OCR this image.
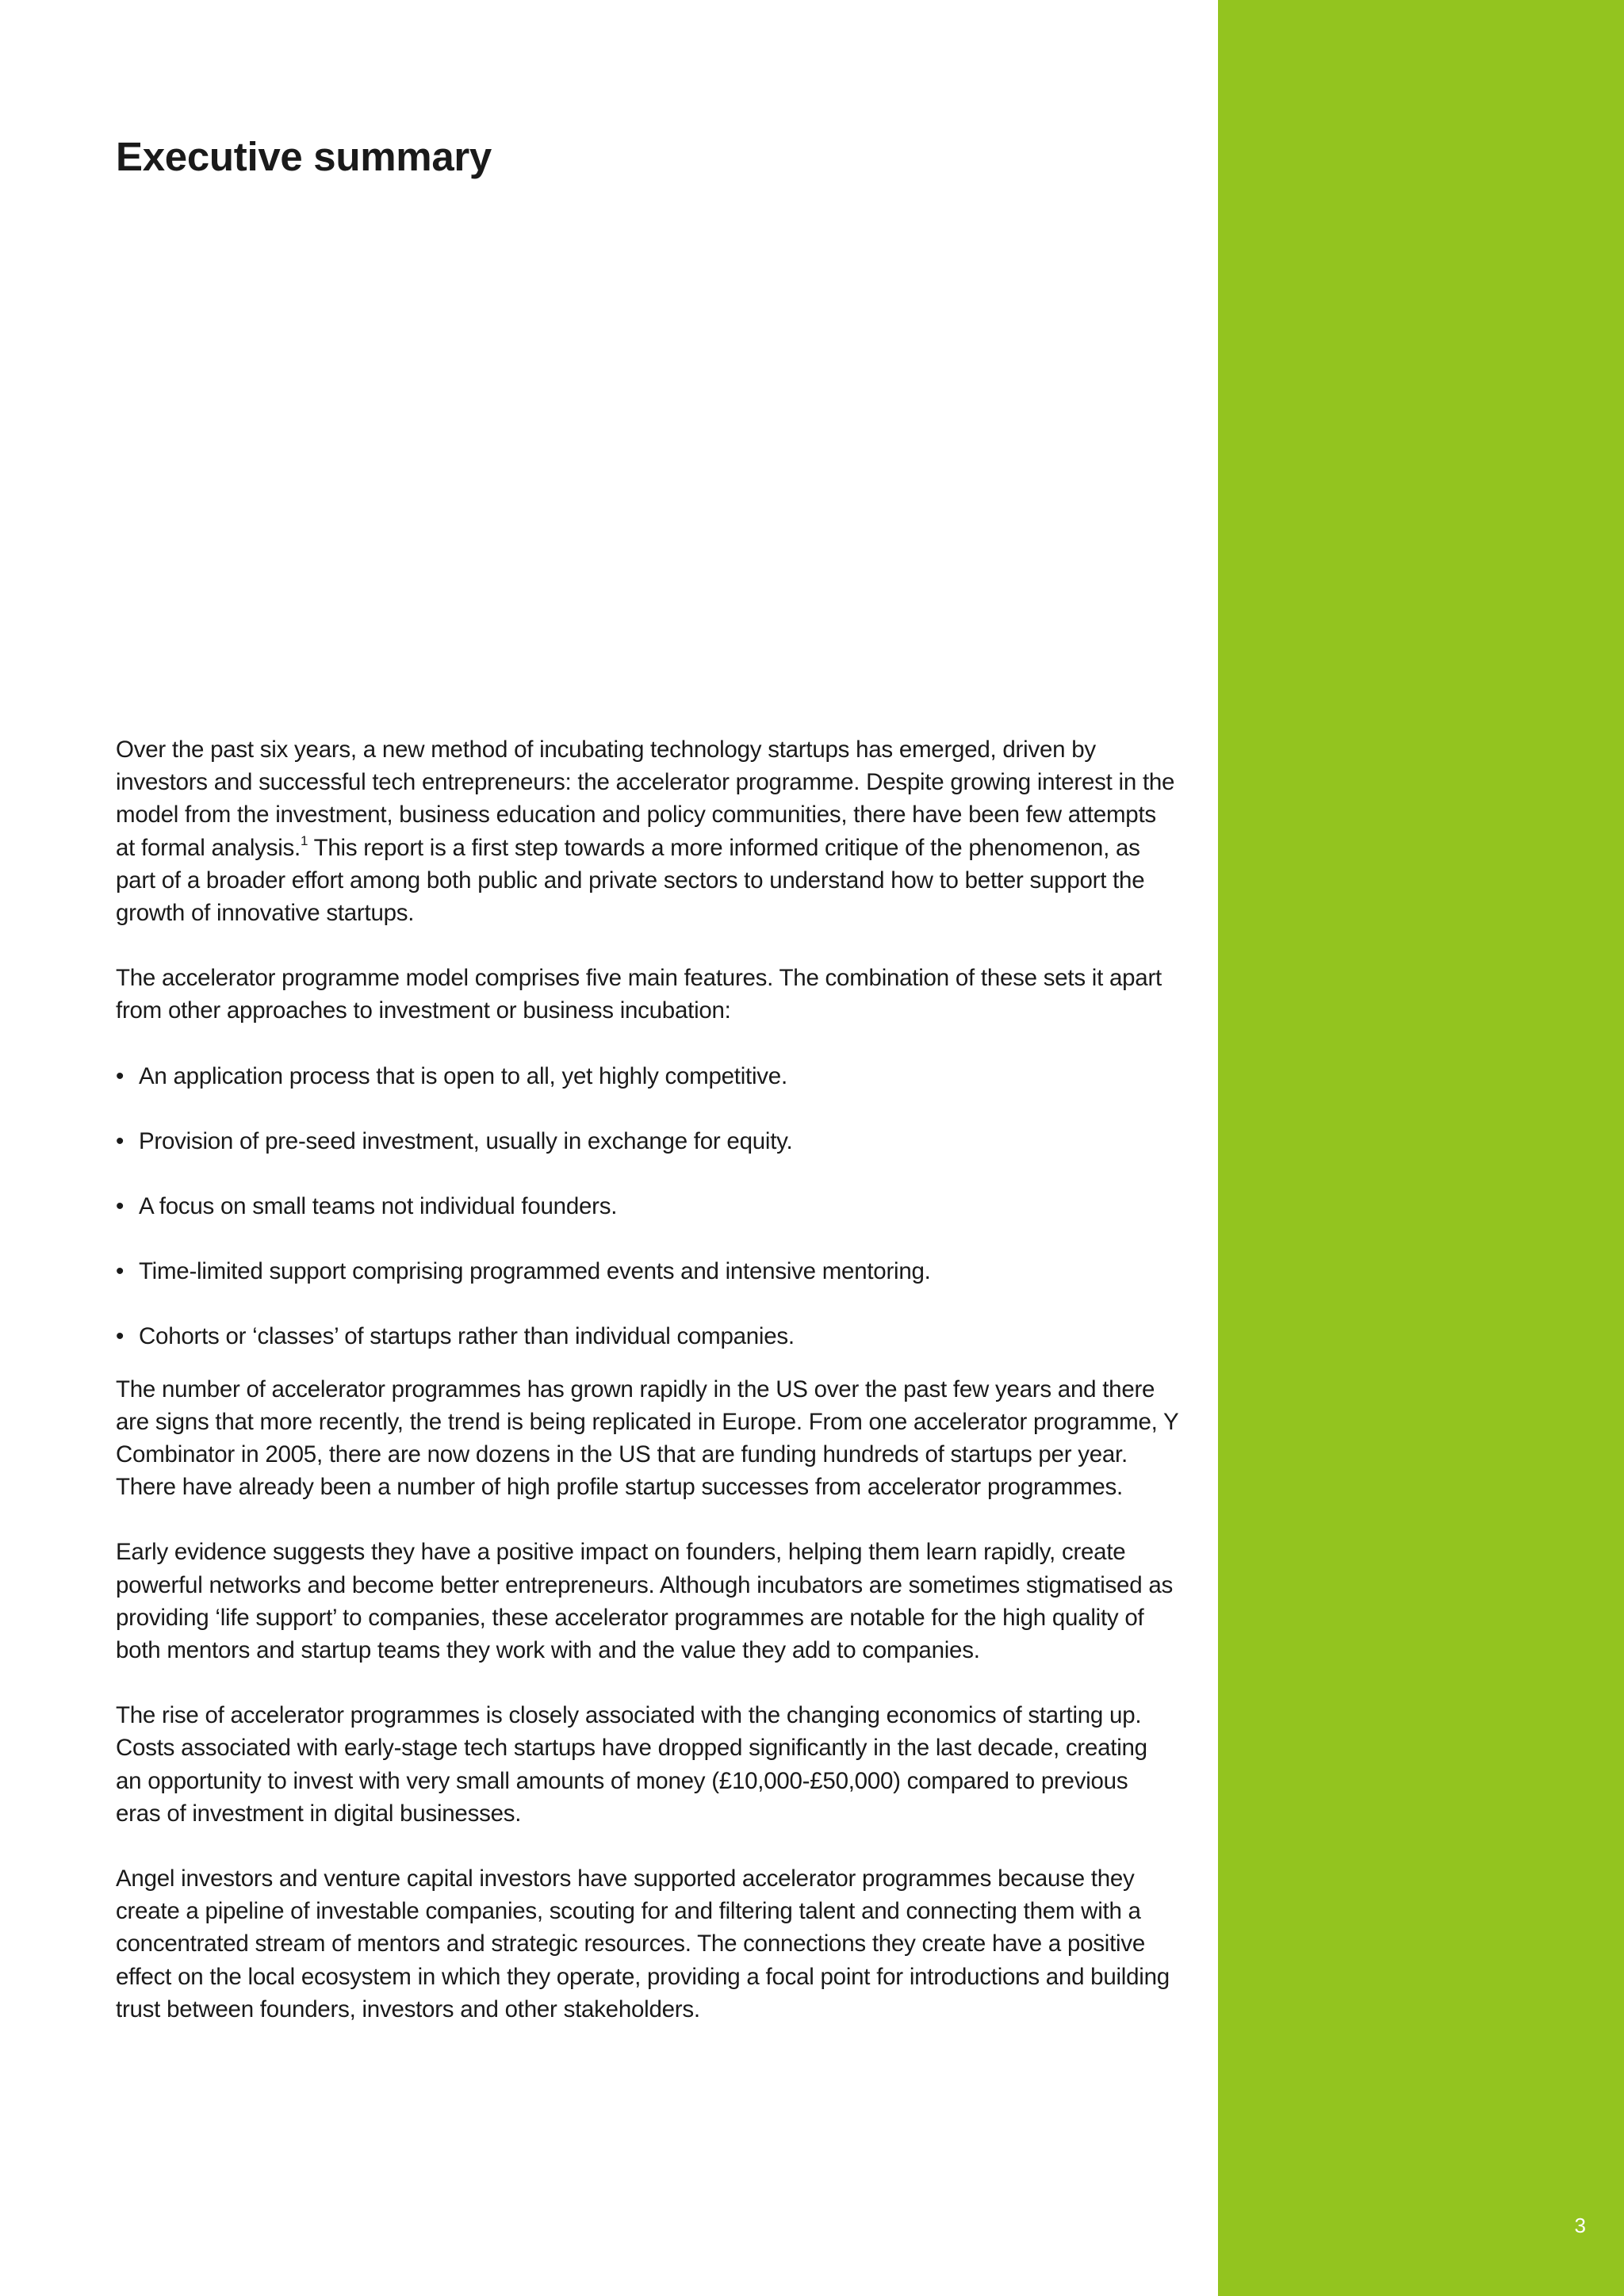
Executive summary

Over the past six years, a new method of incubating technology startups has emerged, driven by investors and successful tech entrepreneurs: the accelerator programme. Despite growing interest in the model from the investment, business education and policy communities, there have been few attempts at formal analysis.$^1$ This report is a first step towards a more informed critique of the phenomenon, as part of a broader effort among both public and private sectors to understand how to better support the growth of innovative startups.

The accelerator programme model comprises five main features. The combination of these sets it apart from other approaches to investment or business incubation:

• An application process that is open to all, yet highly competitive.
• Provision of pre-seed investment, usually in exchange for equity.
• A focus on small teams not individual founders.
• Time-limited support comprising programmed events and intensive mentoring.
• Cohorts or ‘classes’ of startups rather than individual companies.

The number of accelerator programmes has grown rapidly in the US over the past few years and there are signs that more recently, the trend is being replicated in Europe. From one accelerator programme, Y Combinator in 2005, there are now dozens in the US that are funding hundreds of startups per year. There have already been a number of high profile startup successes from accelerator programmes.

Early evidence suggests they have a positive impact on founders, helping them learn rapidly, create powerful networks and become better entrepreneurs. Although incubators are sometimes stigmatised as providing ‘life support’ to companies, these accelerator programmes are notable for the high quality of both mentors and startup teams they work with and the value they add to companies.

The rise of accelerator programmes is closely associated with the changing economics of starting up. Costs associated with early-stage tech startups have dropped significantly in the last decade, creating an opportunity to invest with very small amounts of money (£10,000-£50,000) compared to previous eras of investment in digital businesses.

Angel investors and venture capital investors have supported accelerator programmes because they create a pipeline of investable companies, scouting for and filtering talent and connecting them with a concentrated stream of mentors and strategic resources. The connections they create have a positive effect on the local ecosystem in which they operate, providing a focal point for introductions and building trust between founders, investors and other stakeholders.

3
